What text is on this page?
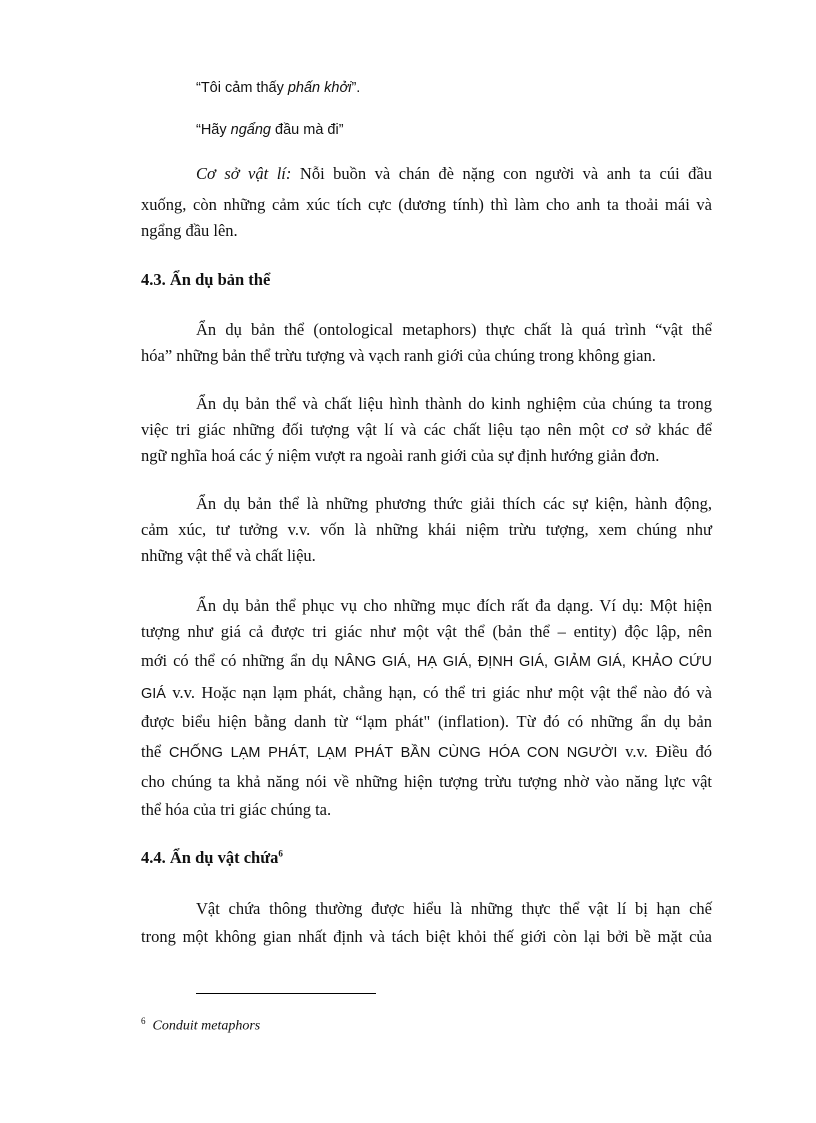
“Tôi cảm thấy phấn khởi”.
“Hãy ngẩng đầu mà đi”
Cơ sở vật lí: Nỗi buồn và chán đè nặng con người và anh ta cúi đầu
xuống, còn những cảm xúc tích cực (dương tính) thì làm cho anh ta thoải mái và
ngẩng đầu lên.
4.3. Ẩn dụ bản thể
Ẩn dụ bản thể (ontological metaphors) thực chất là quá trình “vật thể
hóa” những bản thể trừu tượng và vạch ranh giới của chúng trong không gian.
Ẩn dụ bản thể và chất liệu hình thành do kinh nghiệm của chúng ta trong
việc tri giác những đối tượng vật lí và các chất liệu tạo nên một cơ sở khác để
ngữ nghĩa hoá các ý niệm vượt ra ngoài ranh giới của sự định hướng giản đơn.
Ẩn dụ bản thể là những phương thức giải thích các sự kiện, hành động,
cảm xúc, tư tưởng v.v. vốn là những khái niệm trừu tượng, xem chúng như
những vật thể và chất liệu.
Ẩn dụ bản thể phục vụ cho những mục đích rất đa dạng. Ví dụ: Một hiện
tượng như giá cả được tri giác như một vật thể (bản thể – entity) độc lập, nên
mới có thể có những ẩn dụ NÂNG GIÁ, HẠ GIÁ, ĐỊNH GIÁ, GIẢM GIÁ, KHẢO CỨU
GIÁ v.v. Hoặc nạn lạm phát, chẳng hạn, có thể tri giác như một vật thể nào đó và
được biểu hiện bằng danh từ “lạm phát" (inflation). Từ đó có những ẩn dụ bản
thể CHỐNG LẠM PHÁT, LẠM PHÁT BẦN CÙNG HÓA CON NGƯỜI v.v. Điều đó
cho chúng ta khả năng nói về những hiện tượng trừu tượng nhờ vào năng lực vật
thể hóa của tri giác chúng ta.
4.4. Ẩn dụ vật chứa$^6$
Vật chứa thông thường được hiểu là những thực thể vật lí bị hạn chế
trong một không gian nhất định và tách biệt khỏi thế giới còn lại bởi bề mặt của
$^6$ Conduit metaphors
